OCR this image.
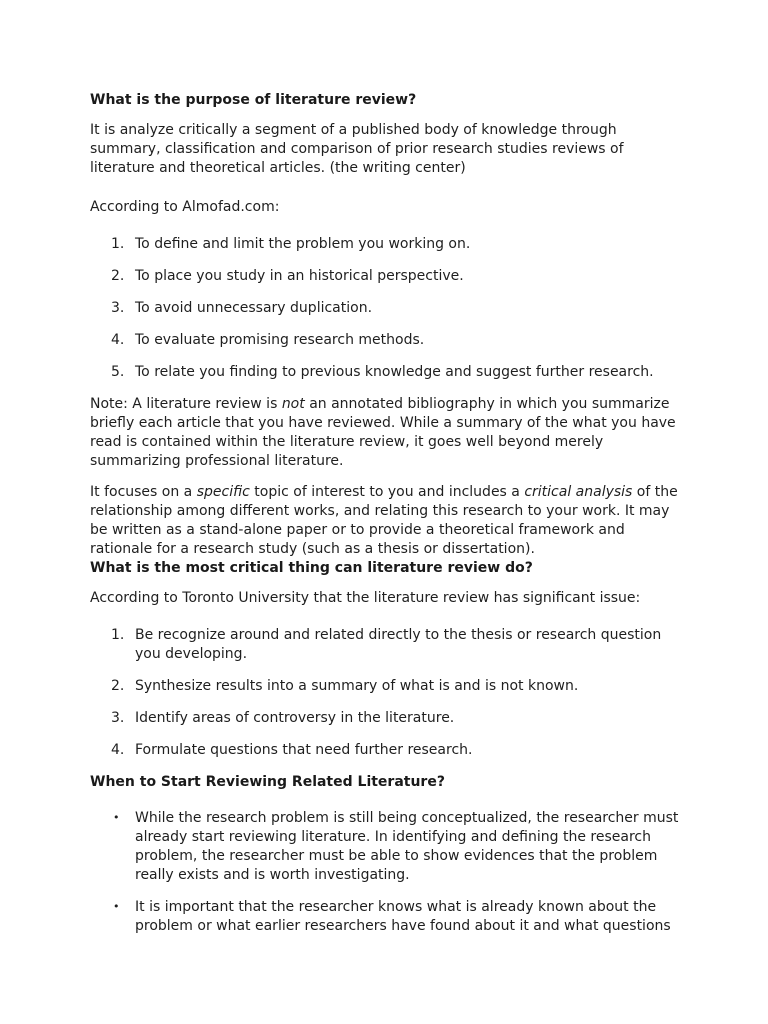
What is the purpose of literature review?

It is analyze critically a segment of a published body of knowledge through summary, classification and comparison of prior research studies reviews of literature and theoretical articles. (the writing center)

According to Almofad.com:

1. To define and limit the problem you working on.
2. To place you study in an historical perspective.
3. To avoid unnecessary duplication.
4. To evaluate promising research methods.
5. To relate you finding to previous knowledge and suggest further research.

Note: A literature review is not an annotated bibliography in which you summarize briefly each article that you have reviewed. While a summary of the what you have read is contained within the literature review, it goes well beyond merely summarizing professional literature.

It focuses on a specific topic of interest to you and includes a critical analysis of the relationship among different works, and relating this research to your work. It may be written as a stand-alone paper or to provide a theoretical framework and rationale for a research study (such as a thesis or dissertation).

What is the most critical thing can literature review do?

According to Toronto University that the literature review has significant issue:

1. Be recognize around and related directly to the thesis or research question you developing.
2. Synthesize results into a summary of what is and is not known.
3. Identify areas of controversy in the literature.
4. Formulate questions that need further research.
When to Start Reviewing Related Literature?
• While the research problem is still being conceptualized, the researcher must already start reviewing literature. In identifying and defining the research problem, the researcher must be able to show evidences that the problem really exists and is worth investigating.
• It is important that the researcher knows what is already known about the problem or what earlier researchers have found about it and what questions
